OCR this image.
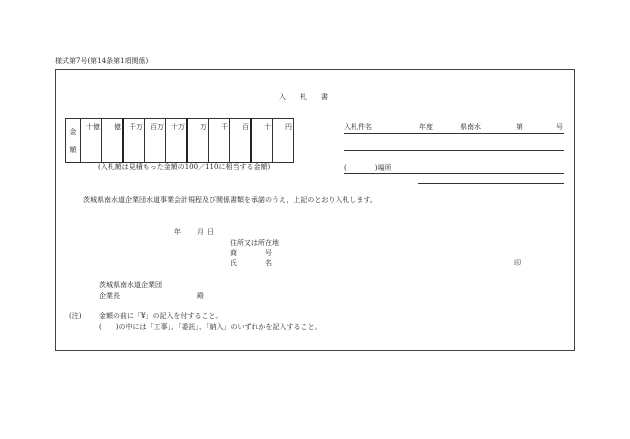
様式第7号(第14条第1項関係)
入　　札　　書
金
額	十億	億	千万	百万	十万	万	千	百	十	円
(入札額は見積もった金額の100／110に相当する金額)
入札件名	年度	県南水	第	号
(　　　　)場所
茨城県南水道企業団水道事業会計規程及び関係書類を承諾のうえ，上記のとおり入札します。
年 月 日
住所又は所在地
商　　　　号
氏　　　　名	印
茨城県南水道企業団
企業長	殿
(注)	金額の前に「¥」の記入を付すること。
(　　)の中には「工事」、「委託」、「納入」のいずれかを記入すること。
